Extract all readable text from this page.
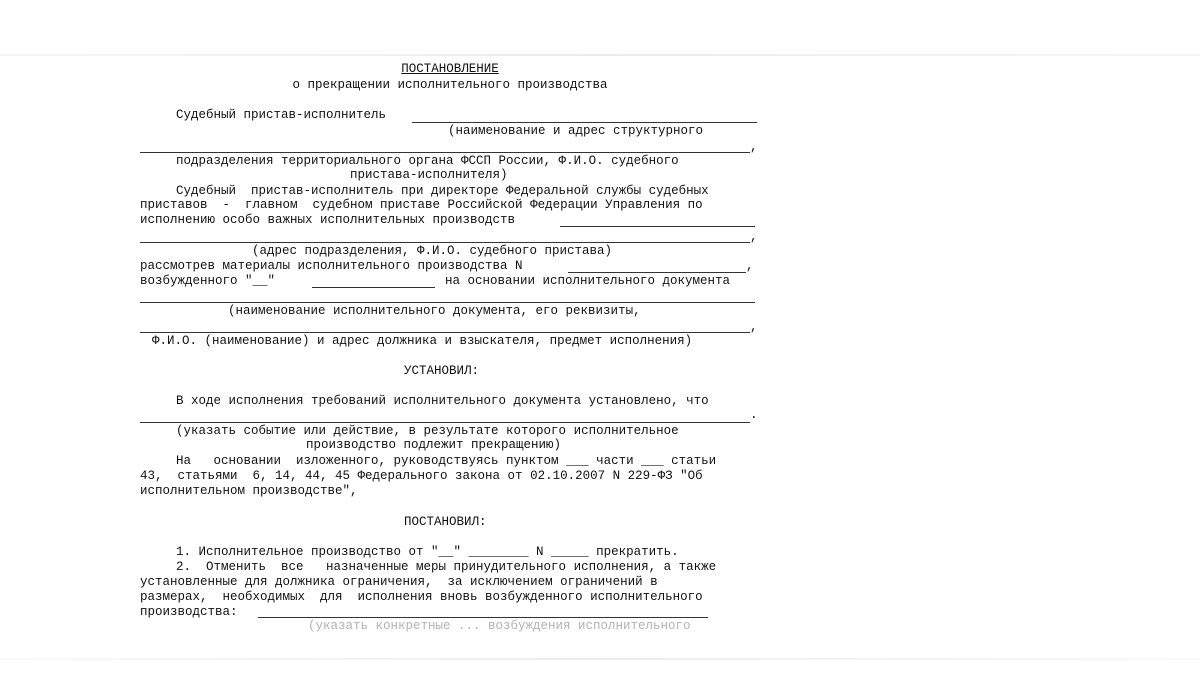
ПОСТАНОВЛЕНИЕ
о прекращении исполнительного производства
Судебный пристав-исполнитель
(наименование и адрес структурного
,
подразделения территориального органа ФССП России, Ф.И.О. судебного
пристава-исполнителя)
Судебный  пристав-исполнитель при директоре Федеральной службы судебных
приставов  -  главном  судебном приставе Российской Федерации Управления по
исполнению особо важных исполнительных производств
,
(адрес подразделения, Ф.И.О. судебного пристава)
рассмотрев материалы исполнительного производства N	,
возбужденного "__"	на основании исполнительного документа
(наименование исполнительного документа, его реквизиты,
,
Ф.И.О. (наименование) и адрес должника и взыскателя, предмет исполнения)
УСТАНОВИЛ:
В ходе исполнения требований исполнительного документа установлено, что
.
(указать событие или действие, в результате которого исполнительное
производство подлежит прекращению)
На   основании  изложенного, руководствуясь пунктом ___ части ___ статьи
43,  статьями  6, 14, 44, 45 Федерального закона от 02.10.2007 N 229-ФЗ "Об
исполнительном производстве",
ПОСТАНОВИЛ:
1. Исполнительное производство от "__" ________ N _____ прекратить.
2.  Отменить  все   назначенные меры принудительного исполнения, а также
установленные для должника ограничения,  за исключением ограничений в
размерах,  необходимых  для  исполнения вновь возбужденного исполнительного
производства:
(указать конкретные ... возбуждения исполнительного
